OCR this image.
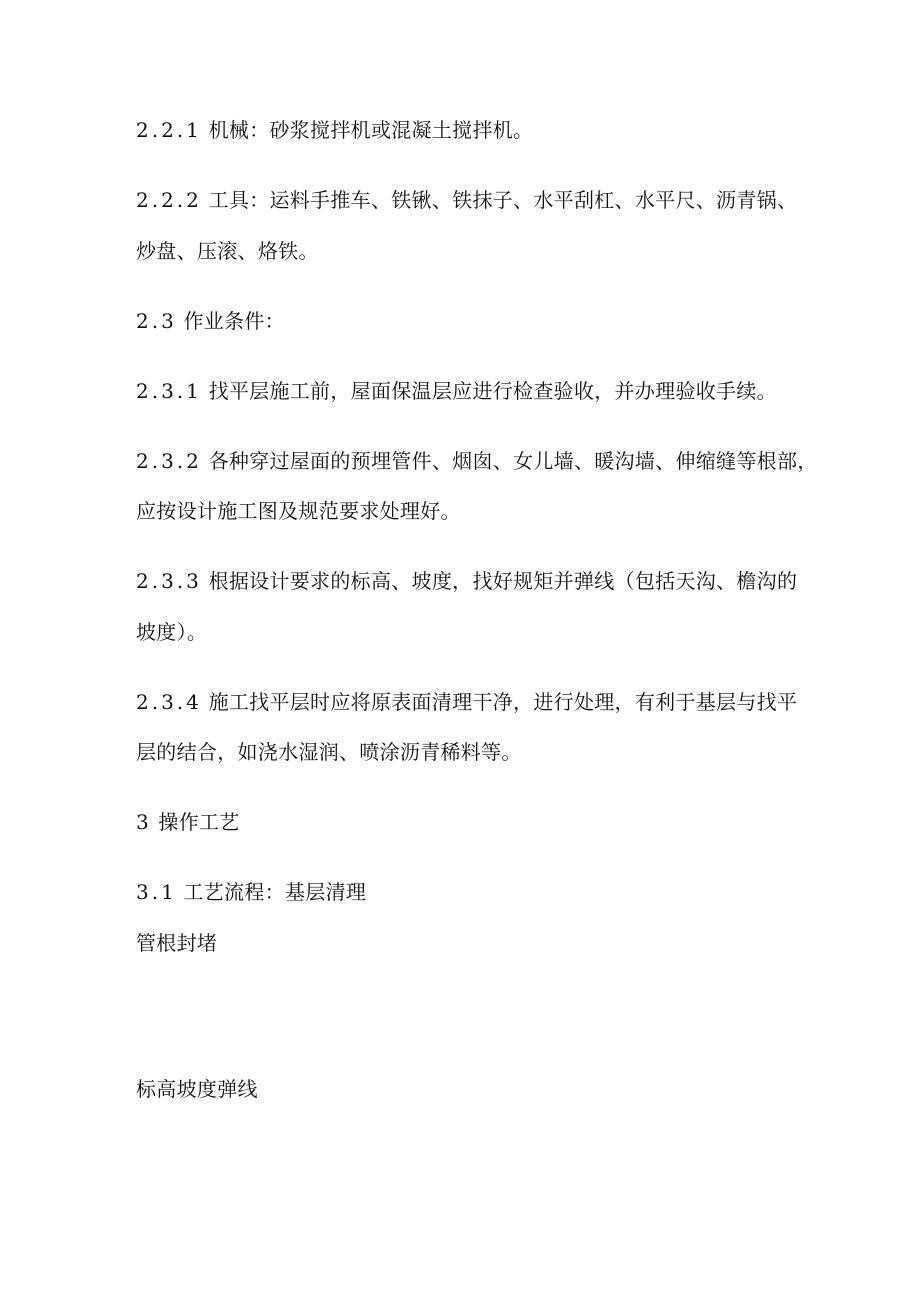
2.2.1 机械：砂浆搅拌机或混凝土搅拌机。
2.2.2 工具：运料手推车、铁锹、铁抹子、水平刮杠、水平尺、沥青锅、
炒盘、压滚、烙铁。
2.3 作业条件：
2.3.1 找平层施工前，屋面保温层应进行检查验收，并办理验收手续。
2.3.2 各种穿过屋面的预埋管件、烟囱、女儿墙、暖沟墙、伸缩缝等根部，
应按设计施工图及规范要求处理好。
2.3.3 根据设计要求的标高、坡度，找好规矩并弹线（包括天沟、檐沟的
坡度）。
2.3.4 施工找平层时应将原表面清理干净，进行处理，有利于基层与找平
层的结合，如浇水湿润、喷涂沥青稀料等。
3 操作工艺
3.1 工艺流程：基层清理
管根封堵
标高坡度弹线
